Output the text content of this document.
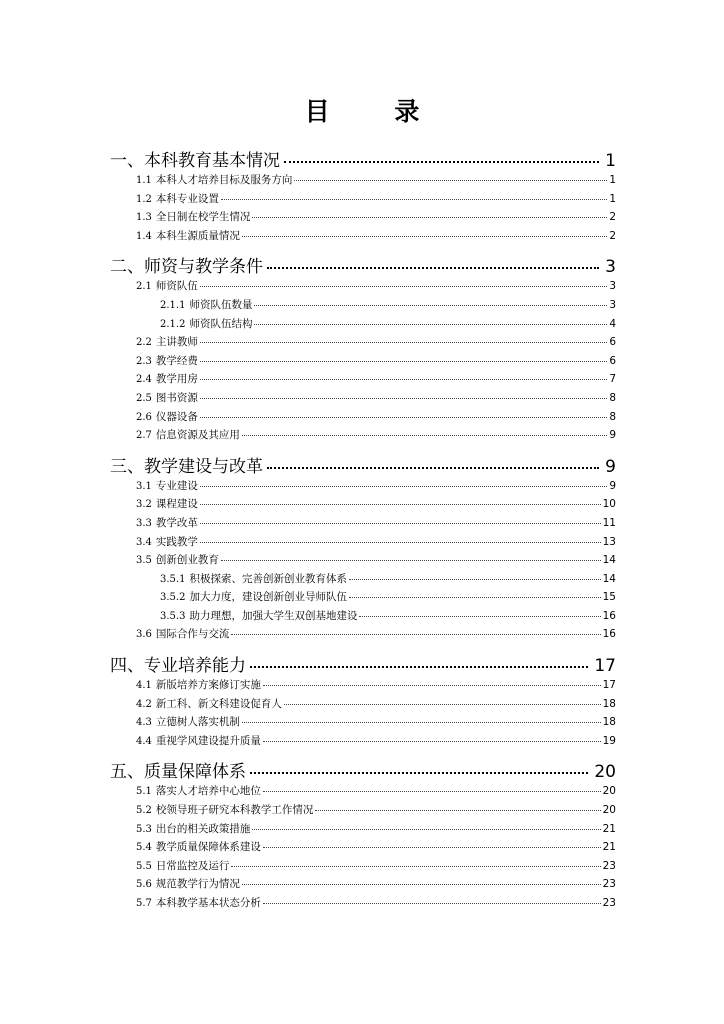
目 录
一、本科教育基本情况	1
1.1 本科人才培养目标及服务方向	1
1.2 本科专业设置	1
1.3 全日制在校学生情况	2
1.4 本科生源质量情况	2
二、师资与教学条件	3
2.1 师资队伍	3
2.1.1 师资队伍数量	3
2.1.2 师资队伍结构	4
2.2 主讲教师	6
2.3 教学经费	6
2.4 教学用房	7
2.5 图书资源	8
2.6 仪器设备	8
2.7 信息资源及其应用	9
三、教学建设与改革	9
3.1 专业建设	9
3.2 课程建设	10
3.3 教学改革	11
3.4 实践教学	13
3.5 创新创业教育	14
3.5.1 积极探索、完善创新创业教育体系	14
3.5.2 加大力度，建设创新创业导师队伍	15
3.5.3 助力理想，加强大学生双创基地建设	16
3.6 国际合作与交流	16
四、专业培养能力	17
4.1 新版培养方案修订实施	17
4.2 新工科、新文科建设促育人	18
4.3 立德树人落实机制	18
4.4 重视学风建设提升质量	19
五、质量保障体系	20
5.1 落实人才培养中心地位	20
5.2 校领导班子研究本科教学工作情况	20
5.3 出台的相关政策措施	21
5.4 教学质量保障体系建设	21
5.5 日常监控及运行	23
5.6 规范教学行为情况	23
5.7 本科教学基本状态分析	23
